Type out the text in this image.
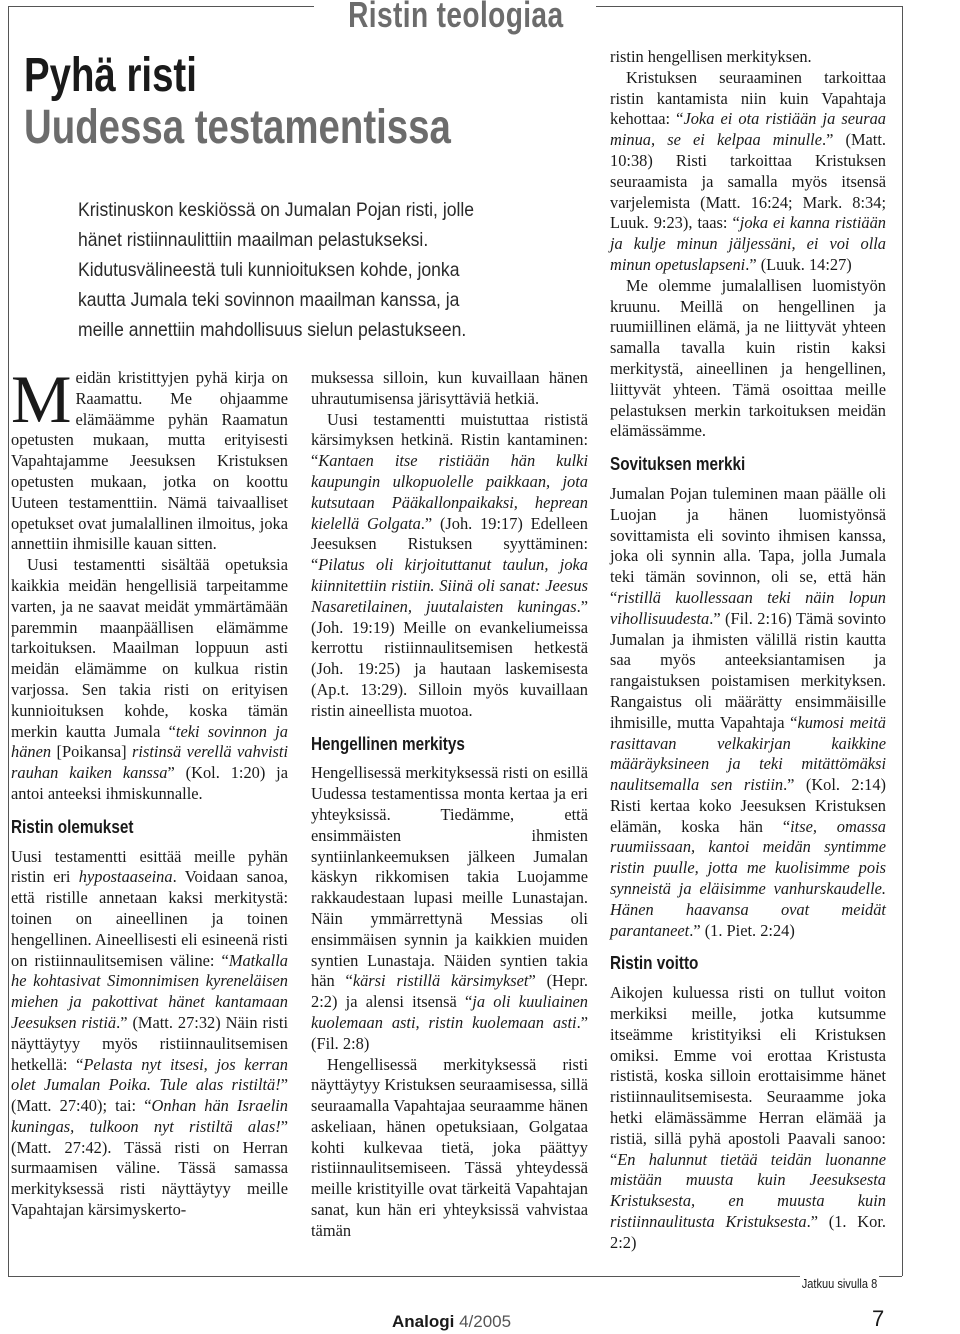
Ristin teologiaa
Pyhä risti
Uudessa testamentissa
Kristinuskon keskiössä on Jumalan Pojan risti, jolle
hänet ristiinnaulittiin maailman pelastukseksi.
Kidutusvälineestä tuli kunnioituksen kohde, jonka
kautta Jumala teki sovinnon maailman kanssa, ja
meille annettiin mahdollisuus sielun pelastukseen.

Meidän kristittyjen pyhä kirja on Raamattu. Me ohjaamme elämäämme pyhän Raamatun opetusten mukaan, mutta erityisesti Vapahtajamme Jeesuksen Kristuksen opetusten mukaan, jotka on koottu Uuteen testamenttiin. Nämä taivaalliset opetukset ovat jumalallinen ilmoitus, joka annettiin ihmisille kauan sitten.

Uusi testamentti sisältää opetuksia kaikkia meidän hengellisiä tarpeitamme varten, ja ne saavat meidät ymmärtämään paremmin maanpäällisen elämämme tarkoituksen. Maailman loppuun asti meidän elämämme on kulkua ristin varjossa. Sen takia risti on erityisen kunnioituksen kohde, koska tämän merkin kautta Jumala “teki sovinnon ja hänen [Poikansa] ristinsä verellä vahvisti rauhan kaiken kanssa” (Kol. 1:20) ja antoi anteeksi ihmiskunnalle.

Ristin olemukset

Uusi testamentti esittää meille pyhän ristin eri hypostaaseina. Voidaan sanoa, että ristille annetaan kaksi merkitystä: toinen on aineellinen ja toinen hengellinen. Aineellisesti eli esineenä risti on ristiinnaulitsemisen väline: “Matkalla he kohtasivat Simonnimisen kyreneläisen miehen ja pakottivat hänet kantamaan Jeesuksen ristiä.” (Matt. 27:32) Näin risti näyttäytyy myös ristiinnaulitsemisen hetkellä: “Pelasta nyt itsesi, jos kerran olet Jumalan Poika. Tule alas ristiltä!” (Matt. 27:40); tai: “Onhan hän Israelin kuningas, tulkoon nyt ristiltä alas!” (Matt. 27:42). Tässä risti on Herran surmaamisen väline. Tässä samassa merkityksessä risti näyttäytyy meille Vapahtajan kärsimyskerto-

muksessa silloin, kun kuvaillaan hänen uhrautumisensa järisyttäviä hetkiä.

Uusi testamentti muistuttaa rististä kärsimyksen hetkinä. Ristin kantaminen: “Kantaen itse ristiään hän kulki kaupungin ulkopuolelle paikkaan, jota kutsutaan Pääkallonpaikaksi, heprean kielellä Golgata.” (Joh. 19:17) Edelleen Jeesuksen Ristuksen syyttäminen: “Pilatus oli kirjoituttanut taulun, joka kiinnitettiin ristiin. Siinä oli sanat: Jeesus Nasaretilainen, juutalaisten kuningas.” (Joh. 19:19) Meille on evankeliumeissa kerrottu ristiinnaulitsemisen hetkestä (Joh. 19:25) ja hautaan laskemisesta (Ap.t. 13:29). Silloin myös kuvaillaan ristin aineellista muotoa.

Hengellinen merkitys

Hengellisessä merkityksessä risti on esillä Uudessa testamentissa monta kertaa ja eri yhteyksissä. Tiedämme, että ensimmäisten ihmisten syntiinlankeemuksen jälkeen Jumalan käskyn rikkomisen takia Luojamme rakkaudestaan lupasi meille Lunastajan. Näin ymmärrettynä Messias oli ensimmäisen synnin ja kaikkien muiden syntien Lunastaja. Näiden syntien takia hän “kärsi ristillä kärsimykset” (Hepr. 2:2) ja alensi itsensä “ja oli kuuliainen kuolemaan asti, ristin kuolemaan asti.” (Fil. 2:8)

Hengellisessä merkityksessä risti näyttäytyy Kristuksen seuraamisessa, sillä seuraamalla Vapahtajaa seuraamme hänen askeliaan, hänen opetuksiaan, Golgataa kohti kulkevaa tietä, joka päättyy ristiinnaulitsemiseen. Tässä yhteydessä meille kristityille ovat tärkeitä Vapahtajan sanat, kun hän eri yhteyksissä vahvistaa tämän

ristin hengellisen merkityksen.

Kristuksen seuraaminen tarkoittaa ristin kantamista niin kuin Vapahtaja kehottaa: “Joka ei ota ristiään ja seuraa minua, se ei kelpaa minulle.” (Matt. 10:38) Risti tarkoittaa Kristuksen seuraamista ja samalla myös itsensä varjelemista (Matt. 16:24; Mark. 8:34; Luuk. 9:23), taas: “joka ei kanna ristiään ja kulje minun jäljessäni, ei voi olla minun opetuslapseni.” (Luuk. 14:27)

Me olemme jumalallisen luomistyön kruunu. Meillä on hengellinen ja ruumiillinen elämä, ja ne liittyvät yhteen samalla tavalla kuin ristin kaksi merkitystä, aineellinen ja hengellinen, liittyvät yhteen. Tämä osoittaa meille pelastuksen merkin tarkoituksen meidän elämässämme.

Sovituksen merkki

Jumalan Pojan tuleminen maan päälle oli Luojan ja hänen luomistyönsä sovittamista eli sovinto ihmisen kanssa, joka oli synnin alla. Tapa, jolla Jumala teki tämän sovinnon, oli se, että hän “ristillä kuollessaan teki näin lopun vihollisuudesta.” (Fil. 2:16) Tämä sovinto Jumalan ja ihmisten välillä ristin kautta saa myös anteeksiantamisen ja rangaistuksen poistamisen merkityksen. Rangaistus oli määrätty ensimmäisille ihmisille, mutta Vapahtaja “kumosi meitä rasittavan velkakirjan kaikkine määräyksineen ja teki mitättömäksi naulitsemalla sen ristiin.” (Kol. 2:14) Risti kertaa koko Jeesuksen Kristuksen elämän, koska hän “itse, omassa ruumiissaan, kantoi meidän syntimme ristin puulle, jotta me kuolisimme pois synneistä ja eläisimme vanhurskaudelle. Hänen haavansa ovat meidät parantaneet.” (1. Piet. 2:24)

Ristin voitto

Aikojen kuluessa risti on tullut voiton merkiksi meille, jotka kutsumme itseämme kristityiksi eli Kristuksen omiksi. Emme voi erottaa Kristusta rististä, koska silloin erottaisimme hänet ristiinnaulitsemisesta. Seuraamme joka hetki elämässämme Herran elämää ja ristiä, sillä pyhä apostoli Paavali sanoo: “En halunnut tietää teidän luonanne mistään muusta kuin Jeesuksesta Kristuksesta, en muusta kuin ristiinnaulitusta Kristuksesta.” (1. Kor. 2:2)

Jatkuu sivulla 8
Analogi 4/2005	7
